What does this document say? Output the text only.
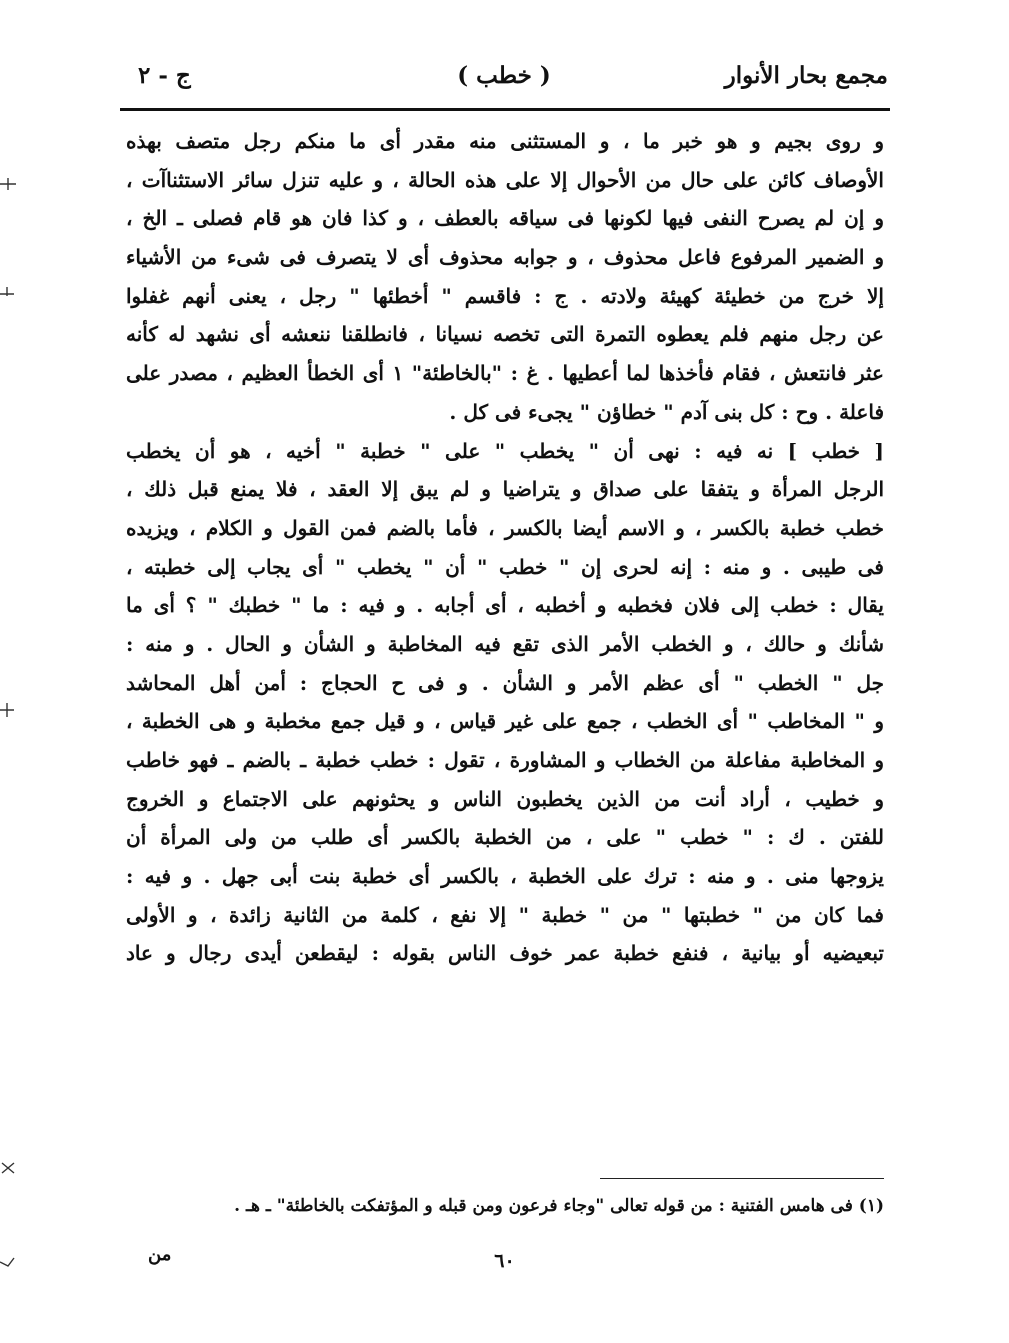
مجمع بحار الأنوار
( خطب )
ج - ٢
و روى بجيم و هو خبر ما ، و المستثنى منه مقدر أى ما منكم رجل متصف بهذه
الأوصاف كائن على حال من الأحوال إلا على هذه الحالة ، و عليه تنزل سائر الاستثناآت ،
و إن لم يصرح النفى فيها لكونها فى سياقه بالعطف ، و كذا فان هو قام فصلى ـ الخ ،
و الضمير المرفوع فاعل محذوف ، و جوابه محذوف أى لا يتصرف فى شىء من الأشياء
إلا خرج من خطيئة كهيئة ولادته . ج : فاقسم " أخطئها " رجل ، يعنى أنهم غفلوا
عن رجل منهم فلم يعطوه التمرة التى تخصه نسيانا ، فانطلقنا ننعشه أى نشهد له كأنه
عثر فانتعش ، فقام فأخذها لما أعطيها . غ : "بالخاطئة" ١ أى الخطأ العظيم ، مصدر على
فاعلة . وح : كل بنى آدم " خطاؤن " يجىء فى كل .
[ خطب ] نه فيه : نهى أن " يخطب " على " خطبة " أخيه ، هو أن يخطب
الرجل المرأة و يتفقا على صداق و يتراضيا و لم يبق إلا العقد ، فلا يمنع قبل ذلك ،
خطب خطبة بالكسر ، و الاسم أيضا بالكسر ، فأما بالضم فمن القول و الكلام ، ويزيده
فى طيبى . و منه : إنه لحرى إن " خطب " أن " يخطب " أى يجاب إلى خطبته ،
يقال : خطب إلى فلان فخطبه و أخطبه ، أى أجابه . و فيه : ما " خطبك " ؟ أى ما
شأنك و حالك ، و الخطب الأمر الذى تقع فيه المخاطبة و الشأن و الحال . و منه :
جل " الخطب " أى عظم الأمر و الشأن . و فى ح الحجاج : أمن أهل المحاشد
و " المخاطب " أى الخطب ، جمع على غير قياس ، و قيل جمع مخطبة و هى الخطبة ،
و المخاطبة مفاعلة من الخطاب و المشاورة ، تقول : خطب خطبة ـ بالضم ـ فهو خاطب
و خطيب ، أراد أنت من الذين يخطبون الناس و يحثونهم على الاجتماع و الخروج
للفتن . ك : " خطب " على ، من الخطبة بالكسر أى طلب من ولى المرأة أن
يزوجها منى . و منه : ترك على الخطبة ، بالكسر أى خطبة بنت أبى جهل . و فيه :
فما كان من " خطبتها " من " خطبة " إلا نفع ، كلمة من الثانية زائدة ، و الأولى
تبعيضيه أو بيانية ، فنفع خطبة عمر خوف الناس بقوله : ليقطعن أيدى رجال و عاد
(١) فى هامس الفتنية : من قوله تعالى "وجاء فرعون ومن قبله و المؤتفكت بالخاطئة" ـ هـ .
٦٠
من
